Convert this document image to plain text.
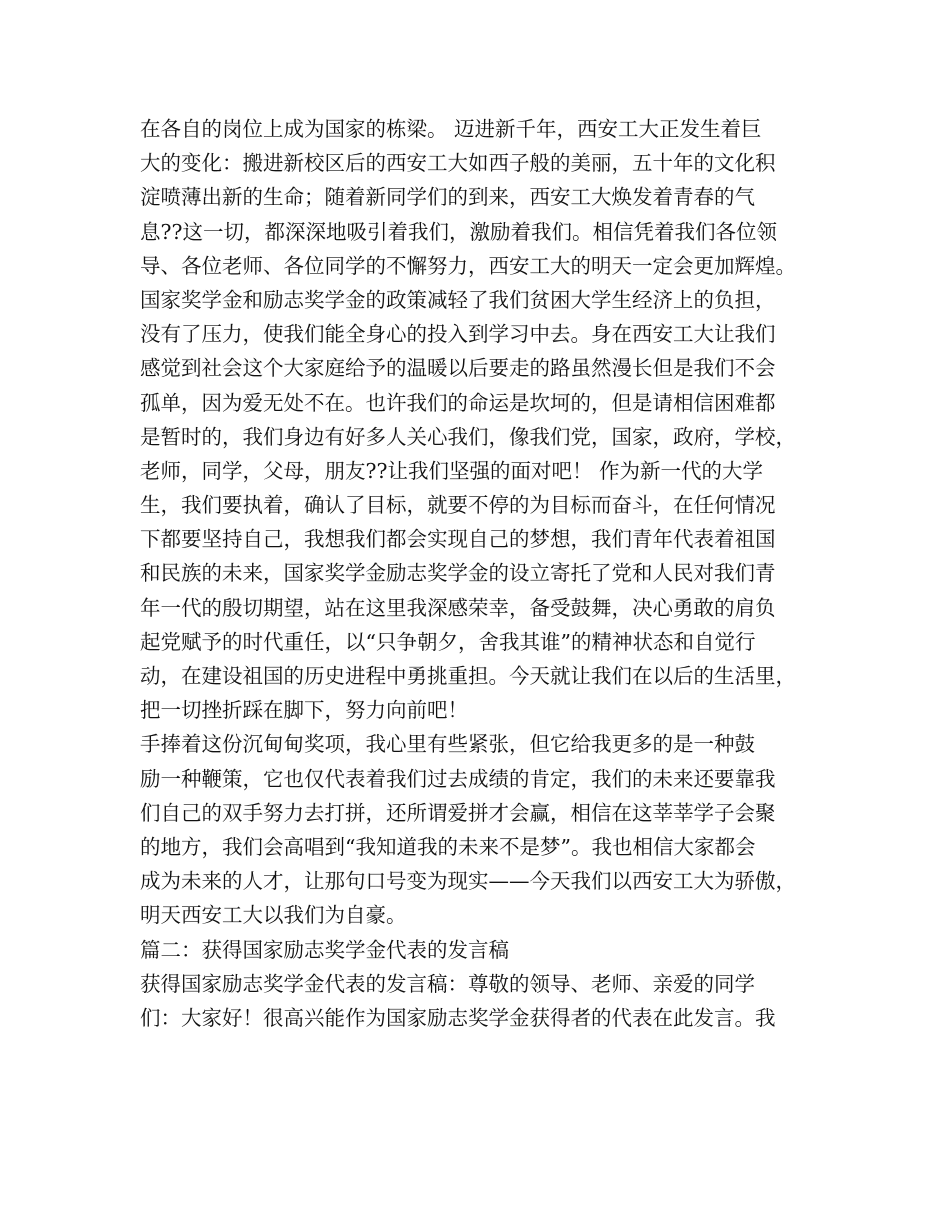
在各自的岗位上成为国家的栋梁。 迈进新千年，西安工大正发生着巨
大的变化：搬进新校区后的西安工大如西子般的美丽，五十年的文化积
淀喷薄出新的生命；随着新同学们的到来，西安工大焕发着青春的气
息??这一切，都深深地吸引着我们，激励着我们。相信凭着我们各位领
导、各位老师、各位同学的不懈努力，西安工大的明天一定会更加辉煌。
国家奖学金和励志奖学金的政策减轻了我们贫困大学生经济上的负担，
没有了压力，使我们能全身心的投入到学习中去。身在西安工大让我们
感觉到社会这个大家庭给予的温暖以后要走的路虽然漫长但是我们不会
孤单，因为爱无处不在。也许我们的命运是坎坷的，但是请相信困难都
是暂时的，我们身边有好多人关心我们，像我们党，国家，政府，学校，
老师，同学，父母，朋友??让我们坚强的面对吧！ 作为新一代的大学
生，我们要执着，确认了目标，就要不停的为目标而奋斗，在任何情况
下都要坚持自己，我想我们都会实现自己的梦想，我们青年代表着祖国
和民族的未来，国家奖学金励志奖学金的设立寄托了党和人民对我们青
年一代的殷切期望，站在这里我深感荣幸，备受鼓舞，决心勇敢的肩负
起党赋予的时代重任，以“只争朝夕，舍我其谁”的精神状态和自觉行
动，在建设祖国的历史进程中勇挑重担。今天就让我们在以后的生活里，
把一切挫折踩在脚下，努力向前吧！
手捧着这份沉甸甸奖项，我心里有些紧张，但它给我更多的是一种鼓
励一种鞭策，它也仅代表着我们过去成绩的肯定，我们的未来还要靠我
们自己的双手努力去打拼，还所谓爱拼才会赢，相信在这莘莘学子会聚
的地方，我们会高唱到“我知道我的未来不是梦”。我也相信大家都会
成为未来的人才，让那句口号变为现实——今天我们以西安工大为骄傲，
明天西安工大以我们为自豪。
篇二：获得国家励志奖学金代表的发言稿
获得国家励志奖学金代表的发言稿：尊敬的领导、老师、亲爱的同学
们：大家好！很高兴能作为国家励志奖学金获得者的代表在此发言。我
